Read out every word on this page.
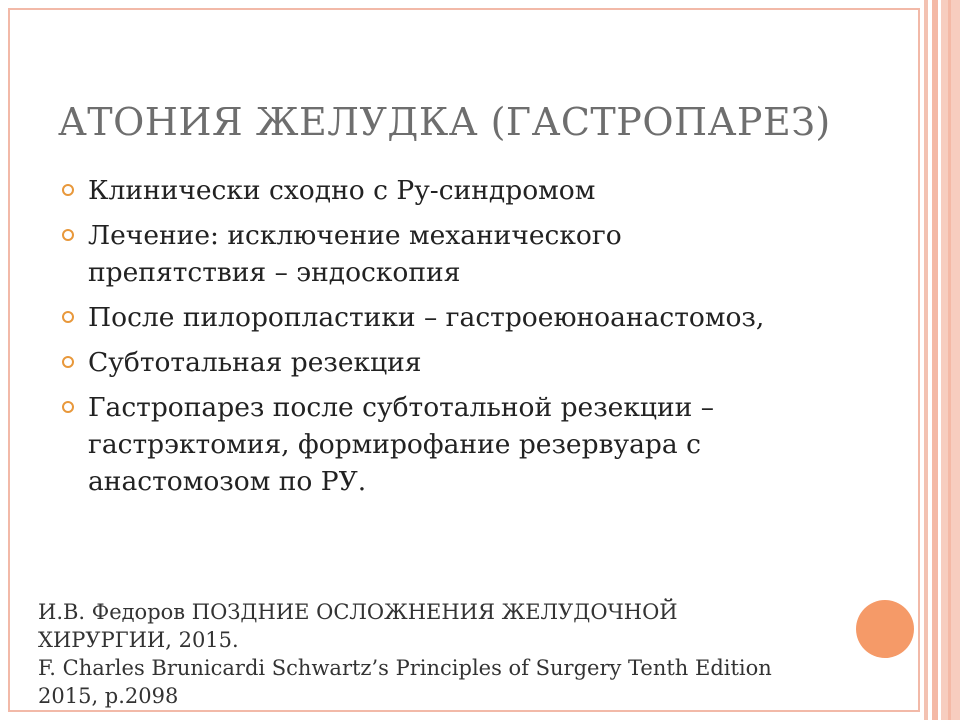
АТОНИЯ ЖЕЛУДКА (ГАСТРОПАРЕЗ)
Клинически сходно с Ру-синдромом
Лечение: исключение механического
препятствия – эндоскопия
После пилоропластики – гастроеюноанастомоз,
Субтотальная резекция
Гастропарез после субтотальной резекции –
гастрэктомия, формирофание резервуара с
анастомозом по РУ.
И.В. Федоров ПОЗДНИЕ ОСЛОЖНЕНИЯ ЖЕЛУДОЧНОЙ
ХИРУРГИИ, 2015.
F. Charles Brunicardi Schwartz’s Principles of Surgery Tenth Edition
2015, p.2098
